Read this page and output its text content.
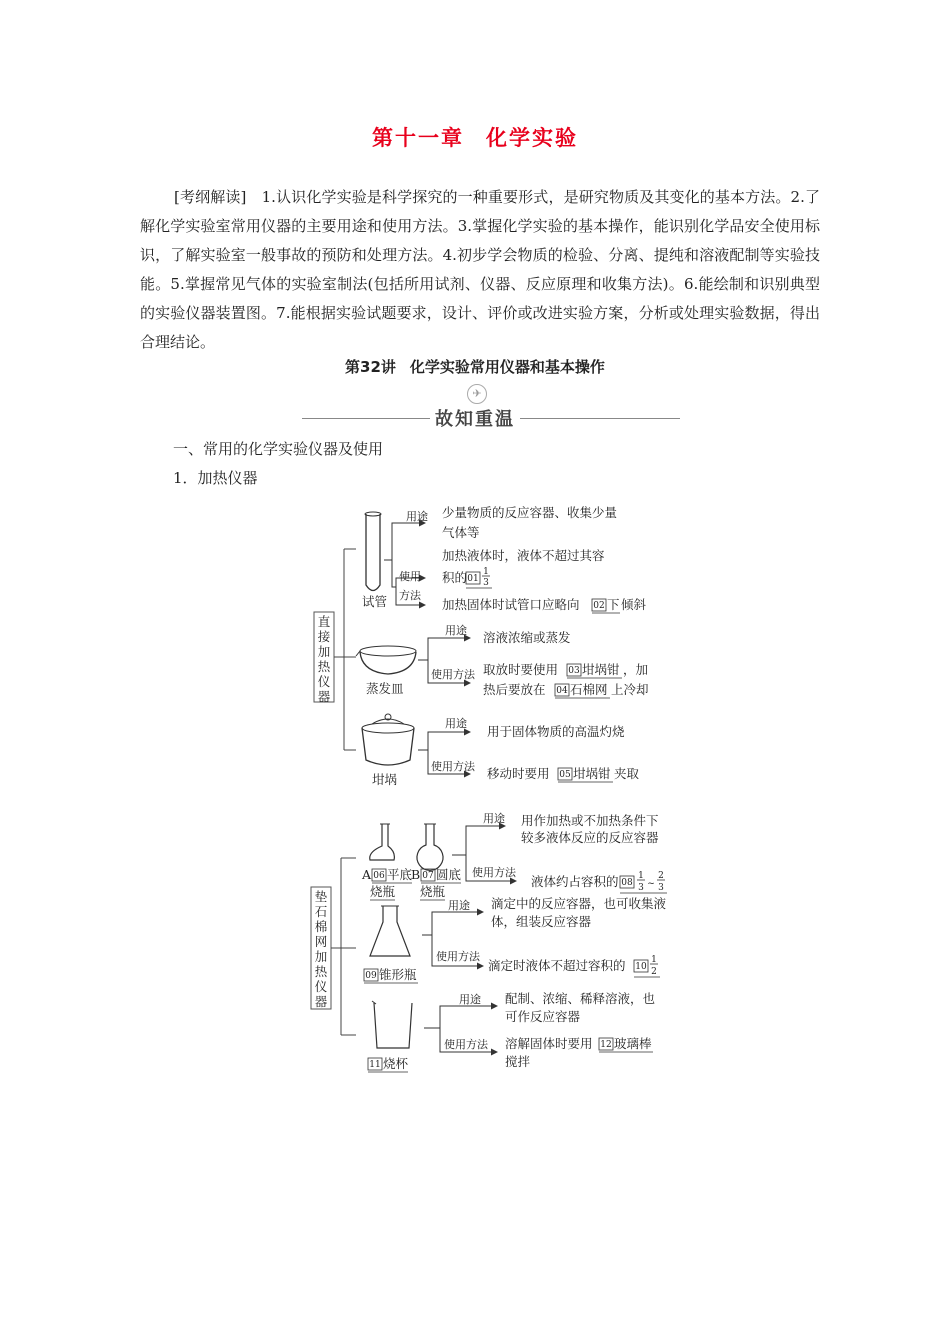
第十一章 化学实验
[考纲解读]　1.认识化学实验是科学探究的一种重要形式，是研究物质及其变化的基本方法。2.了解化学实验室常用仪器的主要用途和使用方法。3.掌握化学实验的基本操作，能识别化学品安全使用标识，了解实验室一般事故的预防和处理方法。4.初步学会物质的检验、分离、提纯和溶液配制等实验技能。5.掌握常见气体的实验室制法(包括所用试剂、仪器、反应原理和收集方法)。6.能绘制和识别典型的实验仪器装置图。7.能根据实验试题要求，设计、评价或改进实验方案，分析或处理实验数据，得出合理结论。
第32讲 化学实验常用仪器和基本操作
✈
故知重温
一、常用的化学实验仪器及使用
1．加热仪器
直
接
加
热
仪
器
试管
用途
使用
方法
少量物质的反应容器、收集少量
气体等
加热液体时，液体不超过其容
积的 01
1
3
加热固体时试管口应略向 02 下 倾斜
蒸发皿
用途
使用方法
溶液浓缩或蒸发
取放时要使用 03 坩埚钳 ，加
热后要放在 04 石棉网 上冷却
坩埚
用途
使用方法
用于固体物质的高温灼烧
移动时要用 05 坩埚钳 夹取
垫
石
棉
网
加
热
仪
器
A 06 平底
烧瓶
B 07 圆底
烧瓶
用途
使用方法
用作加热或不加热条件下
较多液体反应的反应容器
液体约占容积的 08
1
3 ~
2
3
09 锥形瓶
用途
使用方法
滴定中的反应容器，也可收集液
体，组装反应容器
滴定时液体不超过容积的 10
1
2
11 烧杯
用途
使用方法
配制、浓缩、稀释溶液，也
可作反应容器
溶解固体时要用 12 玻璃棒
搅拌
